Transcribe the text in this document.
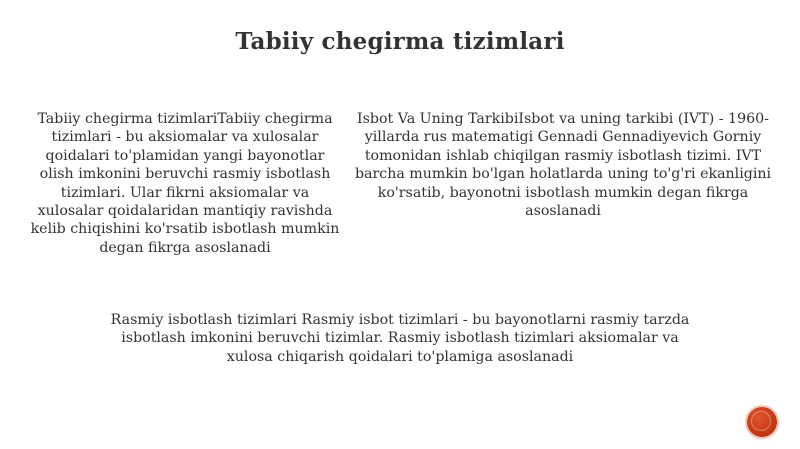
Tabiiy chegirma tizimlari
Tabiiy chegirma tizimlariTabiiy chegirma tizimlari - bu aksiomalar va xulosalar qoidalari to'plamidan yangi bayonotlar olish imkonini beruvchi rasmiy isbotlash tizimlari. Ular fikrni aksiomalar va xulosalar qoidalaridan mantiqiy ravishda kelib chiqishini ko'rsatib isbotlash mumkin degan fikrga asoslanadi
Isbot Va Uning TarkibiIsbot va uning tarkibi (IVT) - 1960-yillarda rus matematigi Gennadi Gennadiyevich Gorniy tomonidan ishlab chiqilgan rasmiy isbotlash tizimi. IVT barcha mumkin bo'lgan holatlarda uning to'g'ri ekanligini ko'rsatib, bayonotni isbotlash mumkin degan fikrga asoslanadi
Rasmiy isbotlash tizimlari Rasmiy isbot tizimlari - bu bayonotlarni rasmiy tarzda isbotlash imkonini beruvchi tizimlar. Rasmiy isbotlash tizimlari aksiomalar va xulosa chiqarish qoidalari to'plamiga asoslanadi
